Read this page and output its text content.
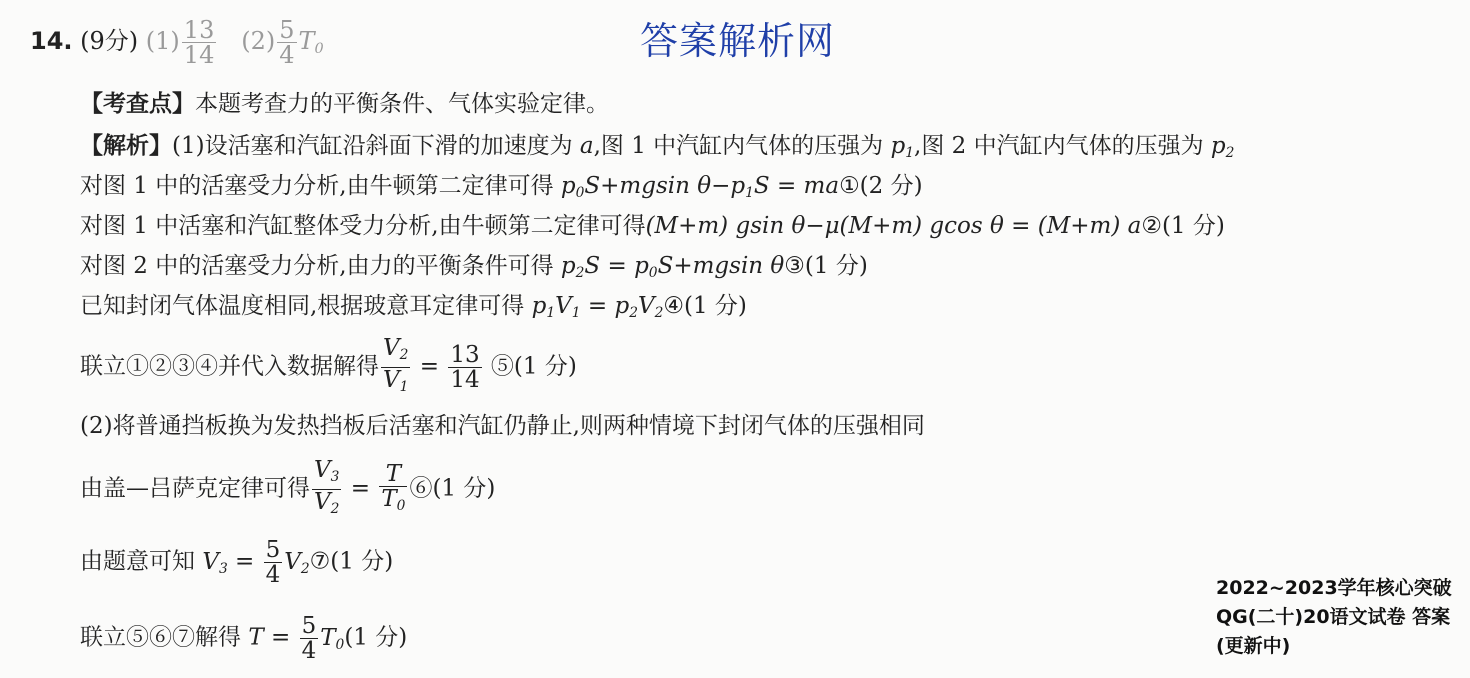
14. (9分) $(1) \frac{13}{14} (2) \frac{5}{4} T_0$	答案解析网
【考查点】本题考查力的平衡条件、气体实验定律。
【解析】(1)设活塞和汽缸沿斜面下滑的加速度为 a,图 1 中汽缸内气体的压强为 $p_1$,图 2 中汽缸内气体的压强为 $p_2$
对图 1 中的活塞受力分析,由牛顿第二定律可得 $p_0S+mgsin$ $\theta-p_1S$ = ma①(2 分)
对图 1 中活塞和汽缸整体受力分析,由牛顿第二定律可得(M+m) gsin θ−μ(M+m) gcos θ = (M+m) a②(1 分)
对图 2 中的活塞受力分析,由力的平衡条件可得 $p_2S = p_0S+mgsin$ θ③(1 分)
已知封闭气体温度相同,根据玻意耳定律可得 $p_1V_1$ = $p_2V_2④(1$ 分)
联立①②③④并代入数据解得 $\frac{V_2}{V_1} = \frac{13}{14}$ ⑤(1 分)
(2)将普通挡板换为发热挡板后活塞和汽缸仍静止,则两种情境下封闭气体的压强相同
由盖—吕萨克定律可得 $\frac{V_3}{V_2} = \frac{T}{T_0}$ ⑥(1 分)
由题意可知 $V_3 = \frac{5}{4}$ $V_2⑦(1$ 分)
联立⑤⑥⑦解得 $T = \frac{5}{4} T_0(1$ 分)
2022~2023学年核心突破
QG(二十)20语文试卷 答案
(更新中)
